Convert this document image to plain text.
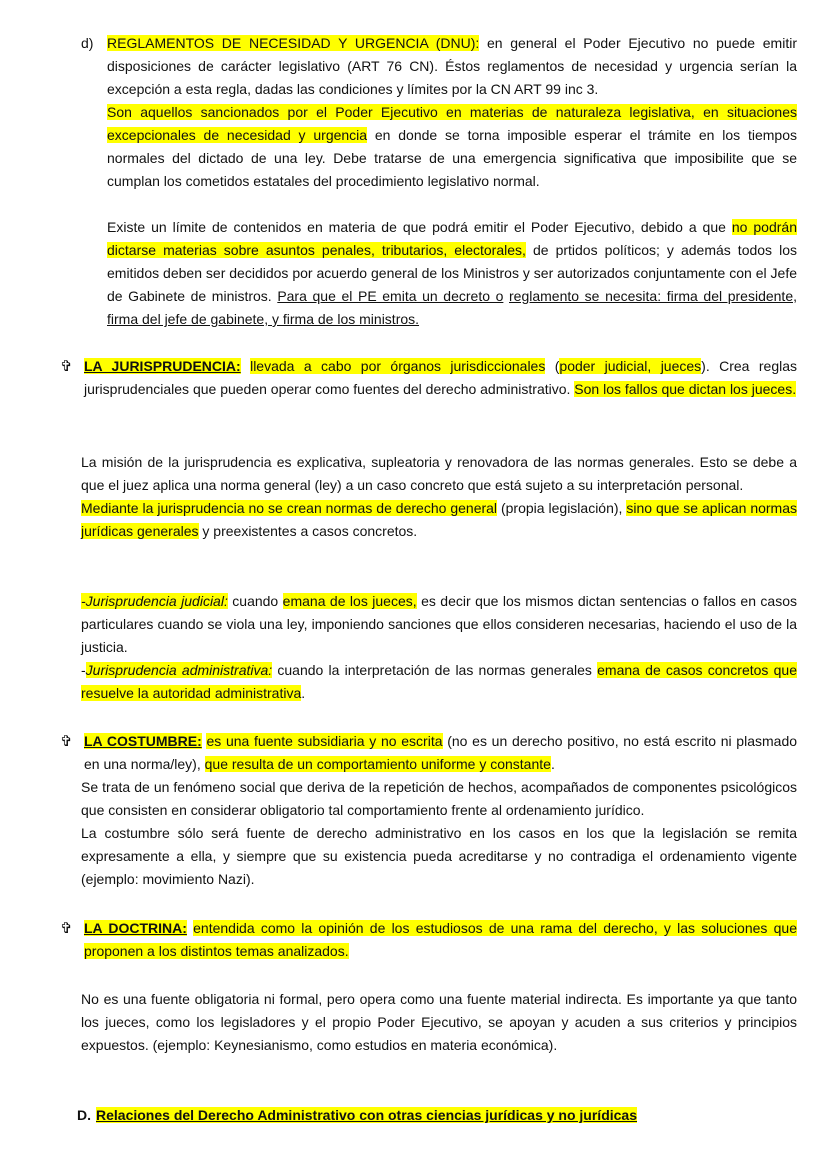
d) REGLAMENTOS DE NECESIDAD Y URGENCIA (DNU): en general el Poder Ejecutivo no puede emitir disposiciones de carácter legislativo (ART 76 CN). Éstos reglamentos de necesidad y urgencia serían la excepción a esta regla, dadas las condiciones y límites por la CN ART 99 inc 3.
Son aquellos sancionados por el Poder Ejecutivo en materias de naturaleza legislativa, en situaciones excepcionales de necesidad y urgencia en donde se torna imposible esperar el trámite en los tiempos normales del dictado de una ley. Debe tratarse de una emergencia significativa que imposibilite que se cumplan los cometidos estatales del procedimiento legislativo normal.
Existe un límite de contenidos en materia de que podrá emitir el Poder Ejecutivo, debido a que no podrán dictarse materias sobre asuntos penales, tributarios, electorales, de prtidos políticos; y además todos los emitidos deben ser decididos por acuerdo general de los Ministros y ser autorizados conjuntamente con el Jefe de Gabinete de ministros. Para que el PE emita un decreto o reglamento se necesita: firma del presidente, firma del jefe de gabinete, y firma de los ministros.
✞ LA JURISPRUDENCIA: llevada a cabo por órganos jurisdiccionales (poder judicial, jueces). Crea reglas jurisprudenciales que pueden operar como fuentes del derecho administrativo. Son los fallos que dictan los jueces.
La misión de la jurisprudencia es explicativa, supleatoria y renovadora de las normas generales. Esto se debe a que el juez aplica una norma general (ley) a un caso concreto que está sujeto a su interpretación personal.
Mediante la jurisprudencia no se crean normas de derecho general (propia legislación), sino que se aplican normas jurídicas generales y preexistentes a casos concretos.
-Jurisprudencia judicial: cuando emana de los jueces, es decir que los mismos dictan sentencias o fallos en casos particulares cuando se viola una ley, imponiendo sanciones que ellos consideren necesarias, haciendo el uso de la justicia.
-Jurisprudencia administrativa: cuando la interpretación de las normas generales emana de casos concretos que resuelve la autoridad administrativa.
✞ LA COSTUMBRE: es una fuente subsidiaria y no escrita (no es un derecho positivo, no está escrito ni plasmado en una norma/ley), que resulta de un comportamiento uniforme y constante.
Se trata de un fenómeno social que deriva de la repetición de hechos, acompañados de componentes psicológicos que consisten en considerar obligatorio tal comportamiento frente al ordenamiento jurídico.
La costumbre sólo será fuente de derecho administrativo en los casos en los que la legislación se remita expresamente a ella, y siempre que su existencia pueda acreditarse y no contradiga el ordenamiento vigente (ejemplo: movimiento Nazi).
✞ LA DOCTRINA: entendida como la opinión de los estudiosos de una rama del derecho, y las soluciones que proponen a los distintos temas analizados.
No es una fuente obligatoria ni formal, pero opera como una fuente material indirecta. Es importante ya que tanto los jueces, como los legisladores y el propio Poder Ejecutivo, se apoyan y acuden a sus criterios y principios expuestos. (ejemplo: Keynesianismo, como estudios en materia económica).
D. Relaciones del Derecho Administrativo con otras ciencias jurídicas y no jurídicas
